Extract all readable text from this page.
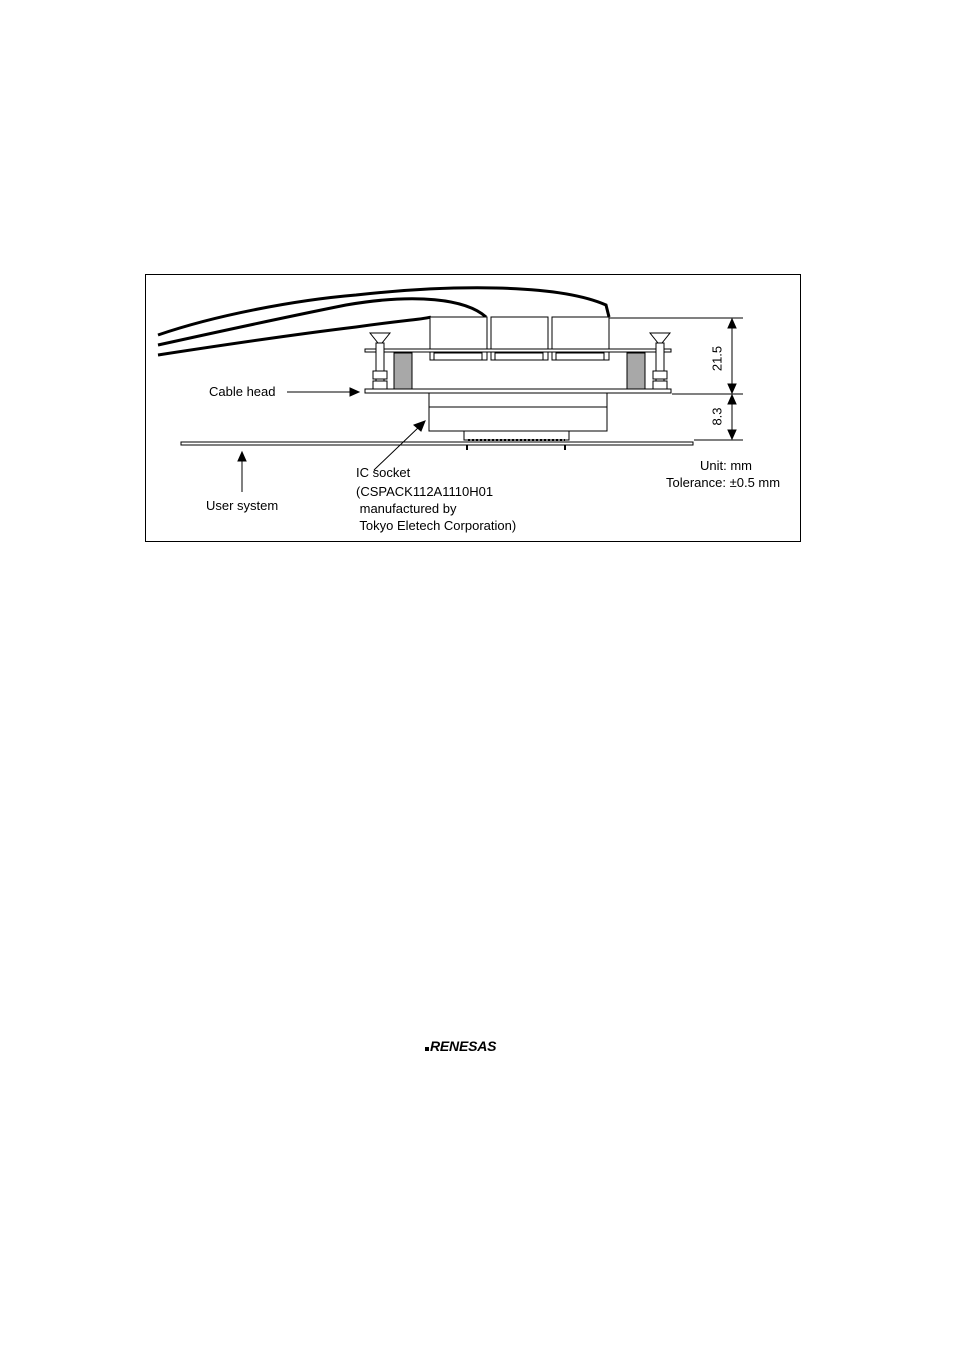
Cable head
User system
IC socket
(CSPACK112A1110H01
manufactured by
Tokyo Eletech Corporation)
Unit: mm
Tolerance: ±0.5 mm
21.5
8.3
RENESAS
